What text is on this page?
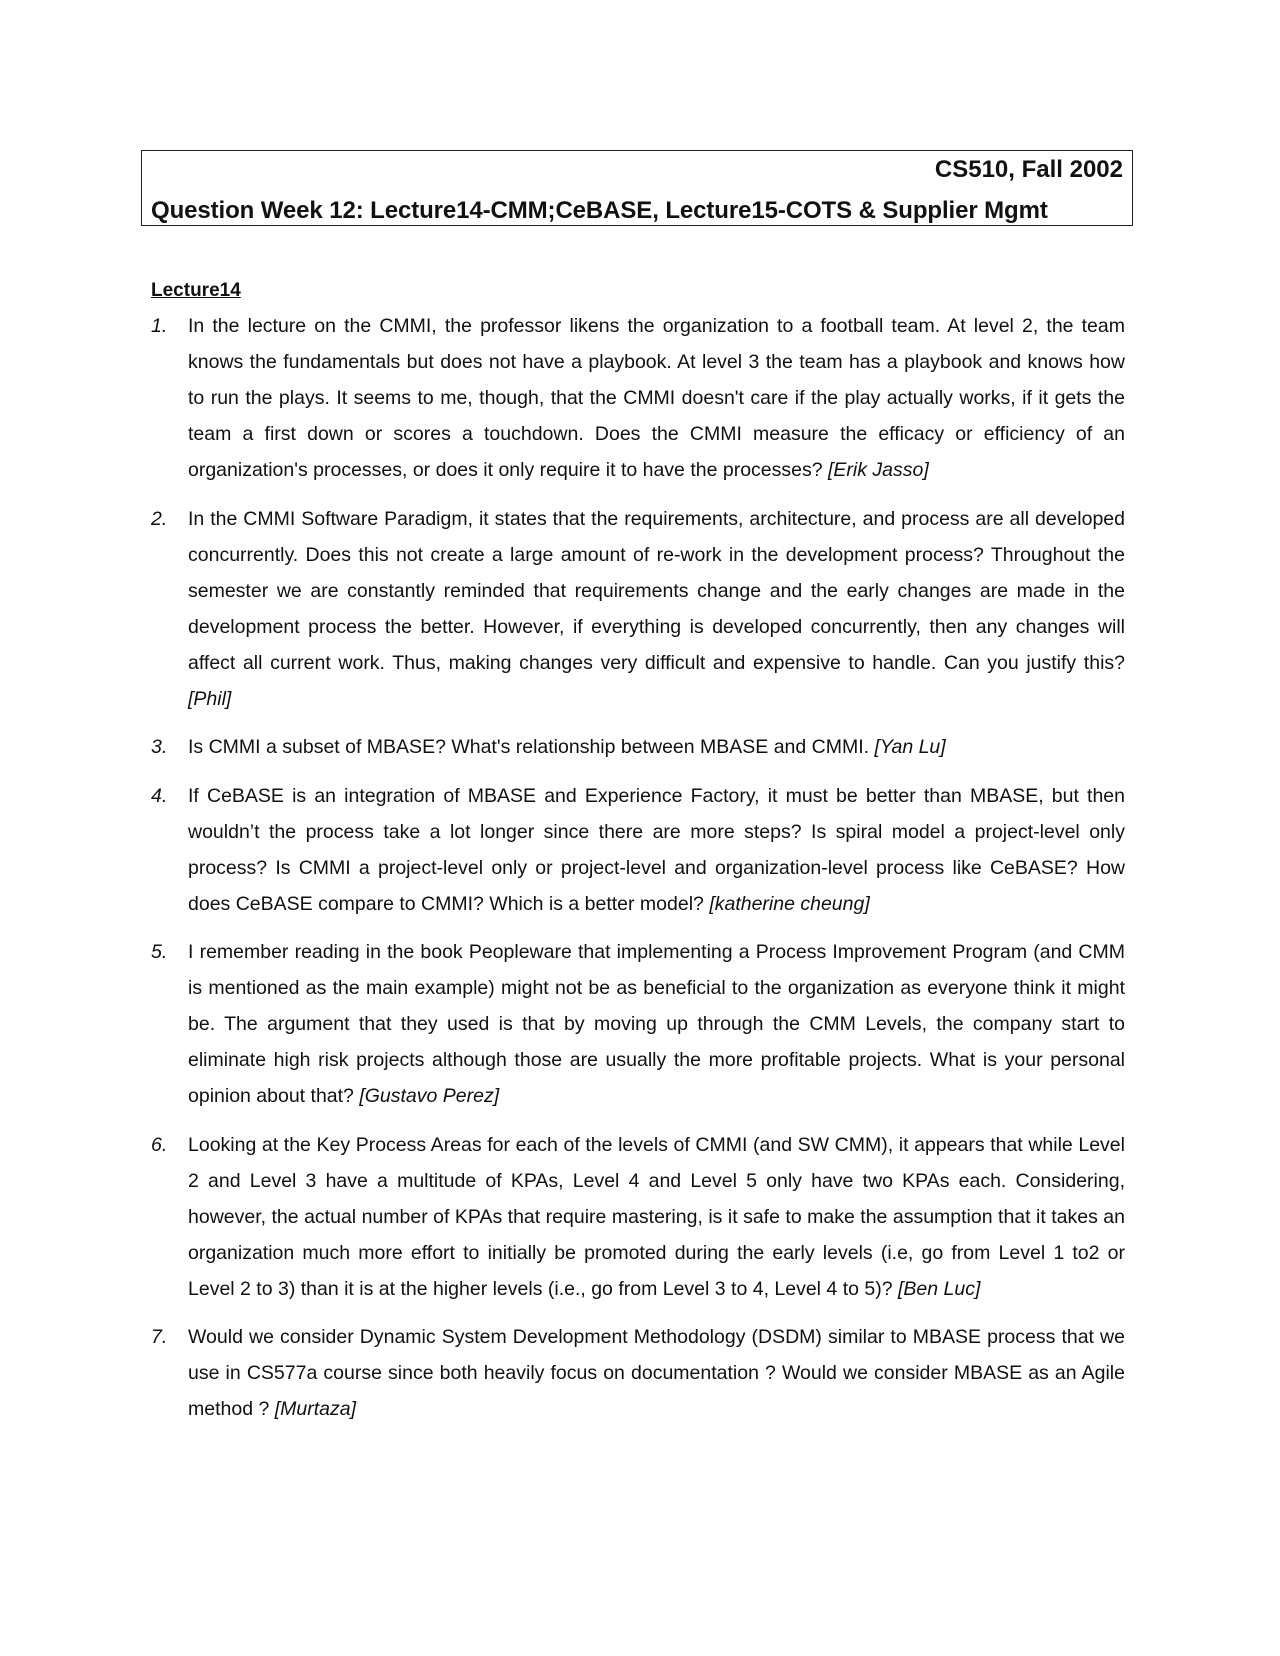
CS510, Fall 2002
Question Week 12: Lecture14-CMM;CeBASE, Lecture15-COTS & Supplier Mgmt
Lecture14
1.	In the lecture on the CMMI, the professor likens the organization to a football team. At level 2, the team knows the fundamentals but does not have a playbook. At level 3 the team has a playbook and knows how to run the plays. It seems to me, though, that the CMMI doesn't care if the play actually works, if it gets the team a first down or scores a touchdown. Does the CMMI measure the efficacy or efficiency of an organization's processes, or does it only require it to have the processes? [Erik Jasso]
2.	In the CMMI Software Paradigm, it states that the requirements, architecture, and process are all developed concurrently. Does this not create a large amount of re-work in the development process? Throughout the semester we are constantly reminded that requirements change and the early changes are made in the development process the better. However, if everything is developed concurrently, then any changes will affect all current work. Thus, making changes very difficult and expensive to handle. Can you justify this? [Phil]
3.	Is CMMI a subset of MBASE? What's relationship between MBASE and CMMI. [Yan Lu]
4.	If CeBASE is an integration of MBASE and Experience Factory, it must be better than MBASE, but then wouldn’t the process take a lot longer since there are more steps? Is spiral model a project-level only process? Is CMMI a project-level only or project-level and organization-level process like CeBASE? How does CeBASE compare to CMMI? Which is a better model? [katherine cheung]
5.	I remember reading in the book Peopleware that implementing a Process Improvement Program (and CMM is mentioned as the main example) might not be as beneficial to the organization as everyone think it might be. The argument that they used is that by moving up through the CMM Levels, the company start to eliminate high risk projects although those are usually the more profitable projects. What is your personal opinion about that? [Gustavo Perez]
6.	Looking at the Key Process Areas for each of the levels of CMMI (and SW CMM), it appears that while Level 2 and Level 3 have a multitude of KPAs, Level 4 and Level 5 only have two KPAs each. Considering, however, the actual number of KPAs that require mastering, is it safe to make the assumption that it takes an organization much more effort to initially be promoted during the early levels (i.e, go from Level 1 to2 or Level 2 to 3) than it is at the higher levels (i.e., go from Level 3 to 4, Level 4 to 5)? [Ben Luc]
7.	Would we consider Dynamic System Development Methodology (DSDM) similar to MBASE process that we use in CS577a course since both heavily focus on documentation ? Would we consider MBASE as an Agile method ? [Murtaza]
